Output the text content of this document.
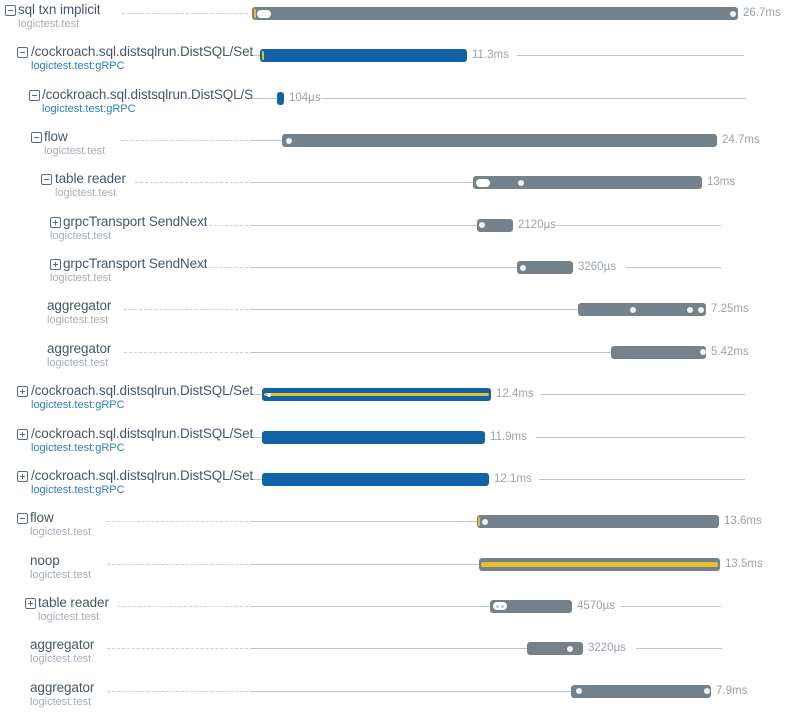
sql txn implicit
logictest.test
26.7ms
/cockroach.sql.distsqlrun.DistSQL/Set
logictest.test:gRPC
11.3ms
/cockroach.sql.distsqlrun.DistSQL/S
logictest.test:gRPC
104µs
flow
logictest.test
24.7ms
table reader
logictest.test
13ms
grpcTransport SendNext
logictest.test
2120µs
grpcTransport SendNext
logictest.test
3260µs
aggregator
logictest.test
7.25ms
aggregator
logictest.test
5.42ms
/cockroach.sql.distsqlrun.DistSQL/Set
logictest.test:gRPC
12.4ms
/cockroach.sql.distsqlrun.DistSQL/Set
logictest.test:gRPC
11.9ms
/cockroach.sql.distsqlrun.DistSQL/Set
logictest.test:gRPC
12.1ms
flow
logictest.test
13.6ms
noop
logictest.test
13.5ms
table reader
logictest.test
4570µs
aggregator
logictest.test
3220µs
aggregator
logictest.test
7.9ms
